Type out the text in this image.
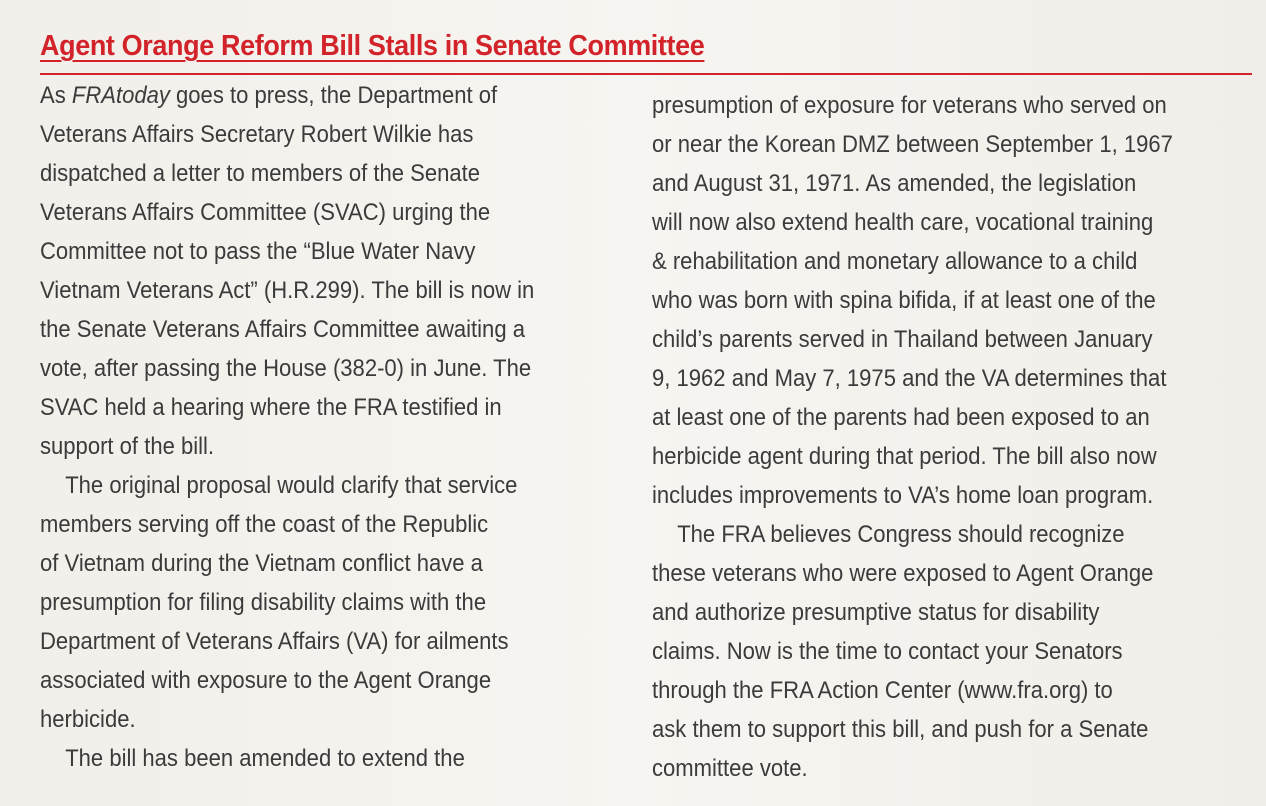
Agent Orange Reform Bill Stalls in Senate Committee
As FRAtoday goes to press, the Department of
Veterans Affairs Secretary Robert Wilkie has
dispatched a letter to members of the Senate
Veterans Affairs Committee (SVAC) urging the
Committee not to pass the “Blue Water Navy
Vietnam Veterans Act” (H.R.299). The bill is now in
the Senate Veterans Affairs Committee awaiting a
vote, after passing the House (382-0) in June. The
SVAC held a hearing where the FRA testified in
support of the bill.
The original proposal would clarify that service
members serving off the coast of the Republic
of Vietnam during the Vietnam conflict have a
presumption for filing disability claims with the
Department of Veterans Affairs (VA) for ailments
associated with exposure to the Agent Orange
herbicide.
The bill has been amended to extend the
presumption of exposure for veterans who served on
or near the Korean DMZ between September 1, 1967
and August 31, 1971. As amended, the legislation
will now also extend health care, vocational training
& rehabilitation and monetary allowance to a child
who was born with spina bifida, if at least one of the
child’s parents served in Thailand between January
9, 1962 and May 7, 1975 and the VA determines that
at least one of the parents had been exposed to an
herbicide agent during that period. The bill also now
includes improvements to VA’s home loan program.
The FRA believes Congress should recognize
these veterans who were exposed to Agent Orange
and authorize presumptive status for disability
claims. Now is the time to contact your Senators
through the FRA Action Center (www.fra.org) to
ask them to support this bill, and push for a Senate
committee vote.
